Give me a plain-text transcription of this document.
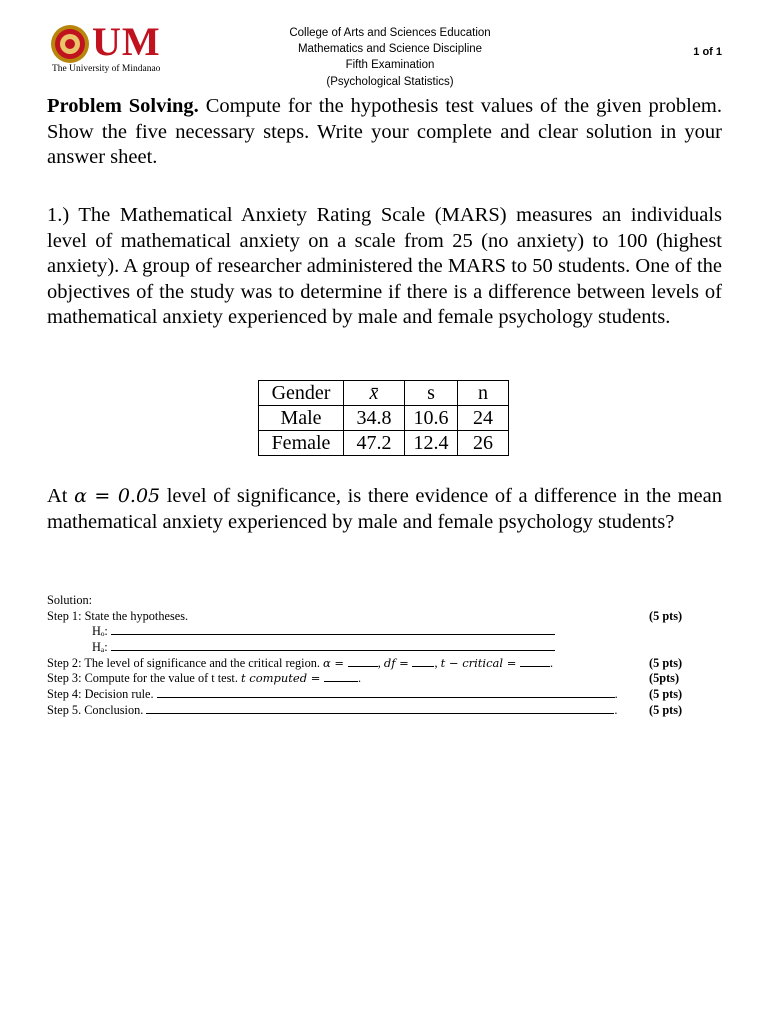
UM
The University of Mindanao
College of Arts and Sciences Education
Mathematics and Science Discipline
Fifth Examination
(Psychological Statistics)
1 of 1
Problem Solving. Compute for the hypothesis test values of the given problem. Show the five necessary steps. Write your complete and clear solution in your answer sheet.
1.) The Mathematical Anxiety Rating Scale (MARS) measures an individuals level of mathematical anxiety on a scale from 25 (no anxiety) to 100 (highest anxiety). A group of researcher administered the MARS to 50 students. One of the objectives of the study was to determine if there is a difference between levels of mathematical anxiety experienced by male and female psychology students.
Gender	x̄	s	n
Male	34.8	10.6	24
Female	47.2	12.4	26
At α = 0.05 level of significance, is there evidence of a difference in the mean mathematical anxiety experienced by male and female psychology students?
Solution:
Step 1: State the hypotheses.	(5 pts)
Hₒ:
Hₐ:
Step 2: The level of significance and the critical region. α = , df = , t − critical = .	(5 pts)
Step 3: Compute for the value of t test. t computed =	.	(5pts)
Step 4: Decision rule.	.	(5 pts)
Step 5. Conclusion.	.	(5 pts)
